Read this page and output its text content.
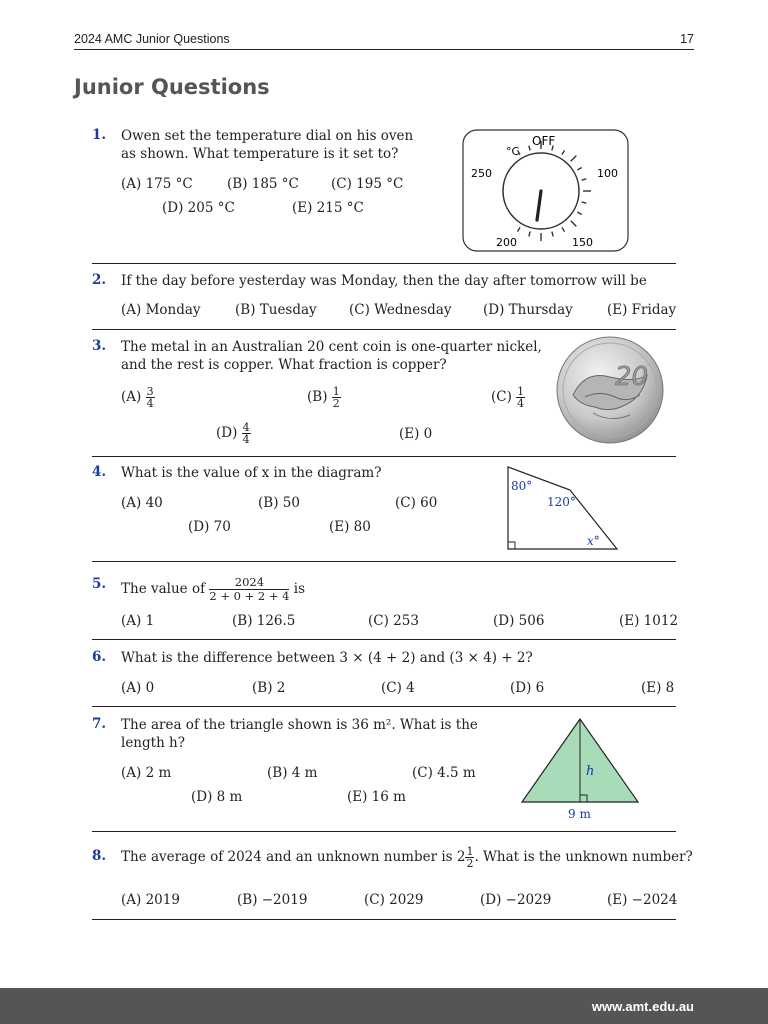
2024 AMC Junior Questions	17
Junior Questions
1. Owen set the temperature dial on his oven
as shown. What temperature is it set to?
(A) 175 °C	(B) 185 °C (C) 195 °C
(D) 205 °C	(E) 215 °C
OFF
°C
250	100
200	150
2. If the day before yesterday was Monday, then the day after tomorrow will be
(A) Monday	(B) Tuesday (C) Wednesday (D) Thursday	(E) Friday
3. The metal in an Australian 20 cent coin is one-quarter nickel,
and the rest is copper. What fraction is copper?
$(A) \frac{3}{4}$	$(B) \frac{1}{2}$	$(C) \frac{1}{4}$
$(D) \frac{4}{4}$	(E) 0
20
4. What is the value of x in the diagram?
(A) 40	(B) 50	(C) 60
(D) 70	(E) 80
80°
120°
x°
5. The value of $\frac{2024}{2 + 0 + 2 + 4}$ is
(A) 1	(B) 126.5	(C) 253	(D) 506	(E) 1012
6. What is the difference between 3 × (4 + 2) and (3 × 4) + 2?
(A) 0	(B) 2	(C) 4	(D) 6	(E) 8
7. The area of the triangle shown is 36 m². What is the
length h?
(A) 2 m	(B) 4 m	(C) 4.5 m
(D) 8 m	(E) 16 m
h
9 m
8. The average of 2024 and an unknown number is $2 \frac{1}{2}$ . What is the unknown number?
(A) 2019	(B) −2019	(C) 2029	(D) −2029	(E) −2024
www.amt.edu.au
